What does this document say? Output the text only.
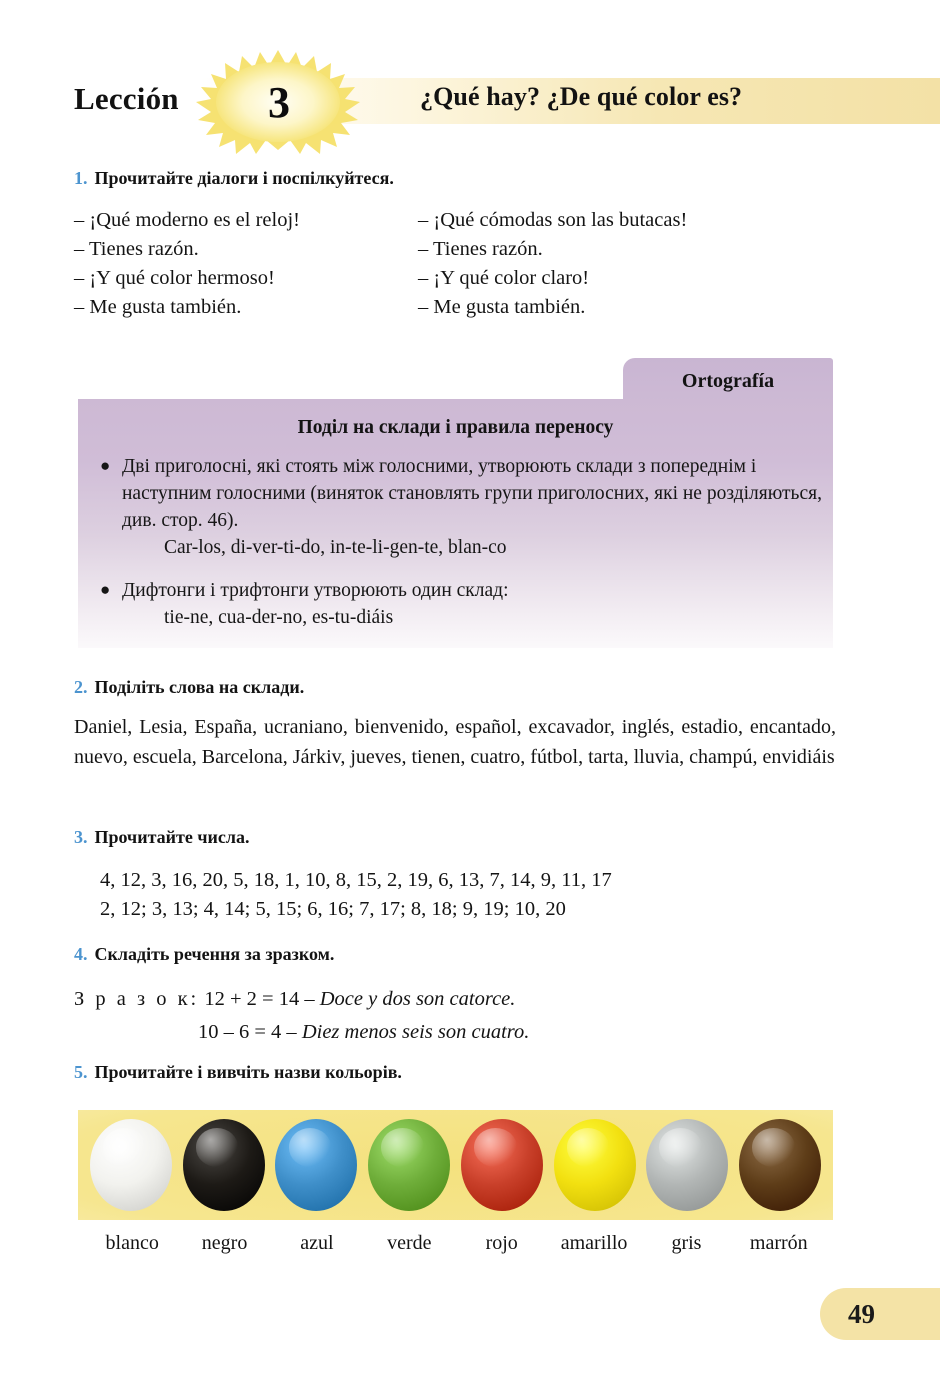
Lección	3	¿Qué hay? ¿De qué color es?
1. Прочитайте діалоги і поспілкуйтеся.
– ¡Qué moderno es el reloj!
– Tienes razón.
– ¡Y qué color hermoso!
– Me gusta también.
– ¡Qué cómodas son las butacas!
– Tienes razón.
– ¡Y qué color claro!
– Me gusta también.
Ortografía
Поділ на склади і правила переносу
● Дві приголосні, які стоять між голосними, утворюють склади з попереднім і наступним голосними (виняток становлять групи приголосних, які не розділяються, див. стор. 46).
Car-los, di-ver-ti-do, in-te-li-gen-te, blan-co
● Дифтонги і трифтонги утворюють один склад:
tie-ne, cua-der-no, es-tu-diáis
2. Поділіть слова на склади.
Daniel, Lesia, España, ucraniano, bienvenido, español, excavador, inglés, estadio, encantado, nuevo, escuela, Barcelona, Járkiv, jueves, tienen, cuatro, fútbol, tarta, lluvia, champú, envidiáis
3. Прочитайте числа.
4, 12, 3, 16, 20, 5, 18, 1, 10, 8, 15, 2, 19, 6, 13, 7, 14, 9, 11, 17
2, 12; 3, 13; 4, 14; 5, 15; 6, 16; 7, 17; 8, 18; 9, 19; 10, 20
4. Складіть речення за зразком.
З р а з о к: 12 + 2 = 14 – Doce y dos son catorce.
10 – 6 = 4 – Diez menos seis son cuatro.
5. Прочитайте і вивчіть назви кольорів.
blanco	negro	azul	verde	rojo	amarillo	gris	marrón
49
